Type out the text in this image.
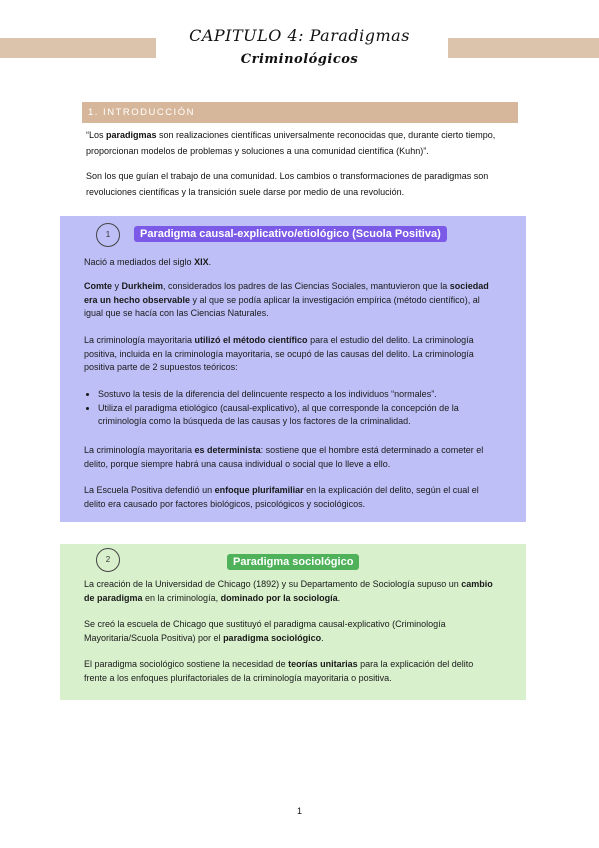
CAPITULO 4: Paradigmas
Criminológicos
1. INTRODUCCIÓN
“Los paradigmas son realizaciones científicas universalmente reconocidas que, durante cierto tiempo, proporcionan modelos de problemas y soluciones a una comunidad científica (Kuhn)”.
Son los que guían el trabajo de una comunidad. Los cambios o transformaciones de paradigmas son revoluciones científicas y la transición suele darse por medio de una revolución.
1	Paradigma causal-explicativo/etiológico (Scuola Positiva)
Nació a mediados del siglo XIX.
Comte y Durkheim, considerados los padres de las Ciencias Sociales, mantuvieron que la sociedad era un hecho observable y al que se podía aplicar la investigación empírica (método científico), al igual que se hacía con las Ciencias Naturales.
La criminología mayoritaria utilizó el método científico para el estudio del delito. La criminología positiva, incluida en la criminología mayoritaria, se ocupó de las causas del delito. La criminología positiva parte de 2 supuestos teóricos:
• Sostuvo la tesis de la diferencia del delincuente respecto a los individuos “normales”.
• Utiliza el paradigma etiológico (causal-explicativo), al que corresponde la concepción de la criminología como la búsqueda de las causas y los factores de la criminalidad.
La criminología mayoritaria es determinista: sostiene que el hombre está determinado a cometer el delito, porque siempre habrá una causa individual o social que lo lleve a ello.
La Escuela Positiva defendió un enfoque plurifamiliar en la explicación del delito, según el cual el delito era causado por factores biológicos, psicológicos y sociológicos.
2	Paradigma sociológico
La creación de la Universidad de Chicago (1892) y su Departamento de Sociología supuso un cambio de paradigma en la criminología, dominado por la sociología.
Se creó la escuela de Chicago que sustituyó el paradigma causal-explicativo (Criminología Mayoritaria/Scuola Positiva) por el paradigma sociológico.
El paradigma sociológico sostiene la necesidad de teorías unitarias para la explicación del delito frente a los enfoques plurifactoriales de la criminología mayoritaria o positiva.
1
